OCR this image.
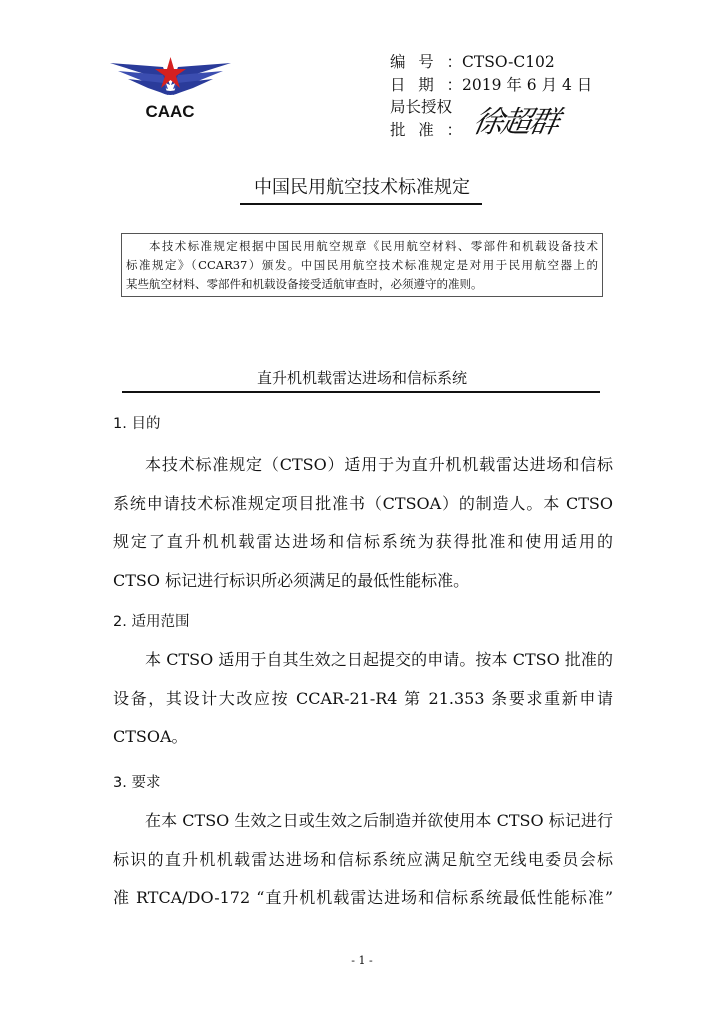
CAAC
编号： CTSO-C102
日期： 2019 年 6 月 4 日
局长授权
批准： 徐超群
中国民用航空技术标准规定
本技术标准规定根据中国民用航空规章《民用航空材料、零部件和机载设备技术
标准规定》（CCAR37）颁发。中国民用航空技术标准规定是对用于民用航空器上的
某些航空材料、零部件和机载设备接受适航审查时，必须遵守的准则。
直升机机载雷达进场和信标系统
1. 目的
本技术标准规定（CTSO）适用于为直升机机载雷达进场和信标
系统申请技术标准规定项目批准书（CTSOA）的制造人。本 CTSO
规定了直升机机载雷达进场和信标系统为获得批准和使用适用的
CTSO 标记进行标识所必须满足的最低性能标准。
2. 适用范围
本 CTSO 适用于自其生效之日起提交的申请。按本 CTSO 批准的
设备，其设计大改应按 CCAR-21-R4 第 21.353 条要求重新申请
CTSOA。
3. 要求
在本 CTSO 生效之日或生效之后制造并欲使用本 CTSO 标记进行
标识的直升机机载雷达进场和信标系统应满足航空无线电委员会标
准 RTCA/DO-172 “直升机机载雷达进场和信标系统最低性能标准”
- 1 -
